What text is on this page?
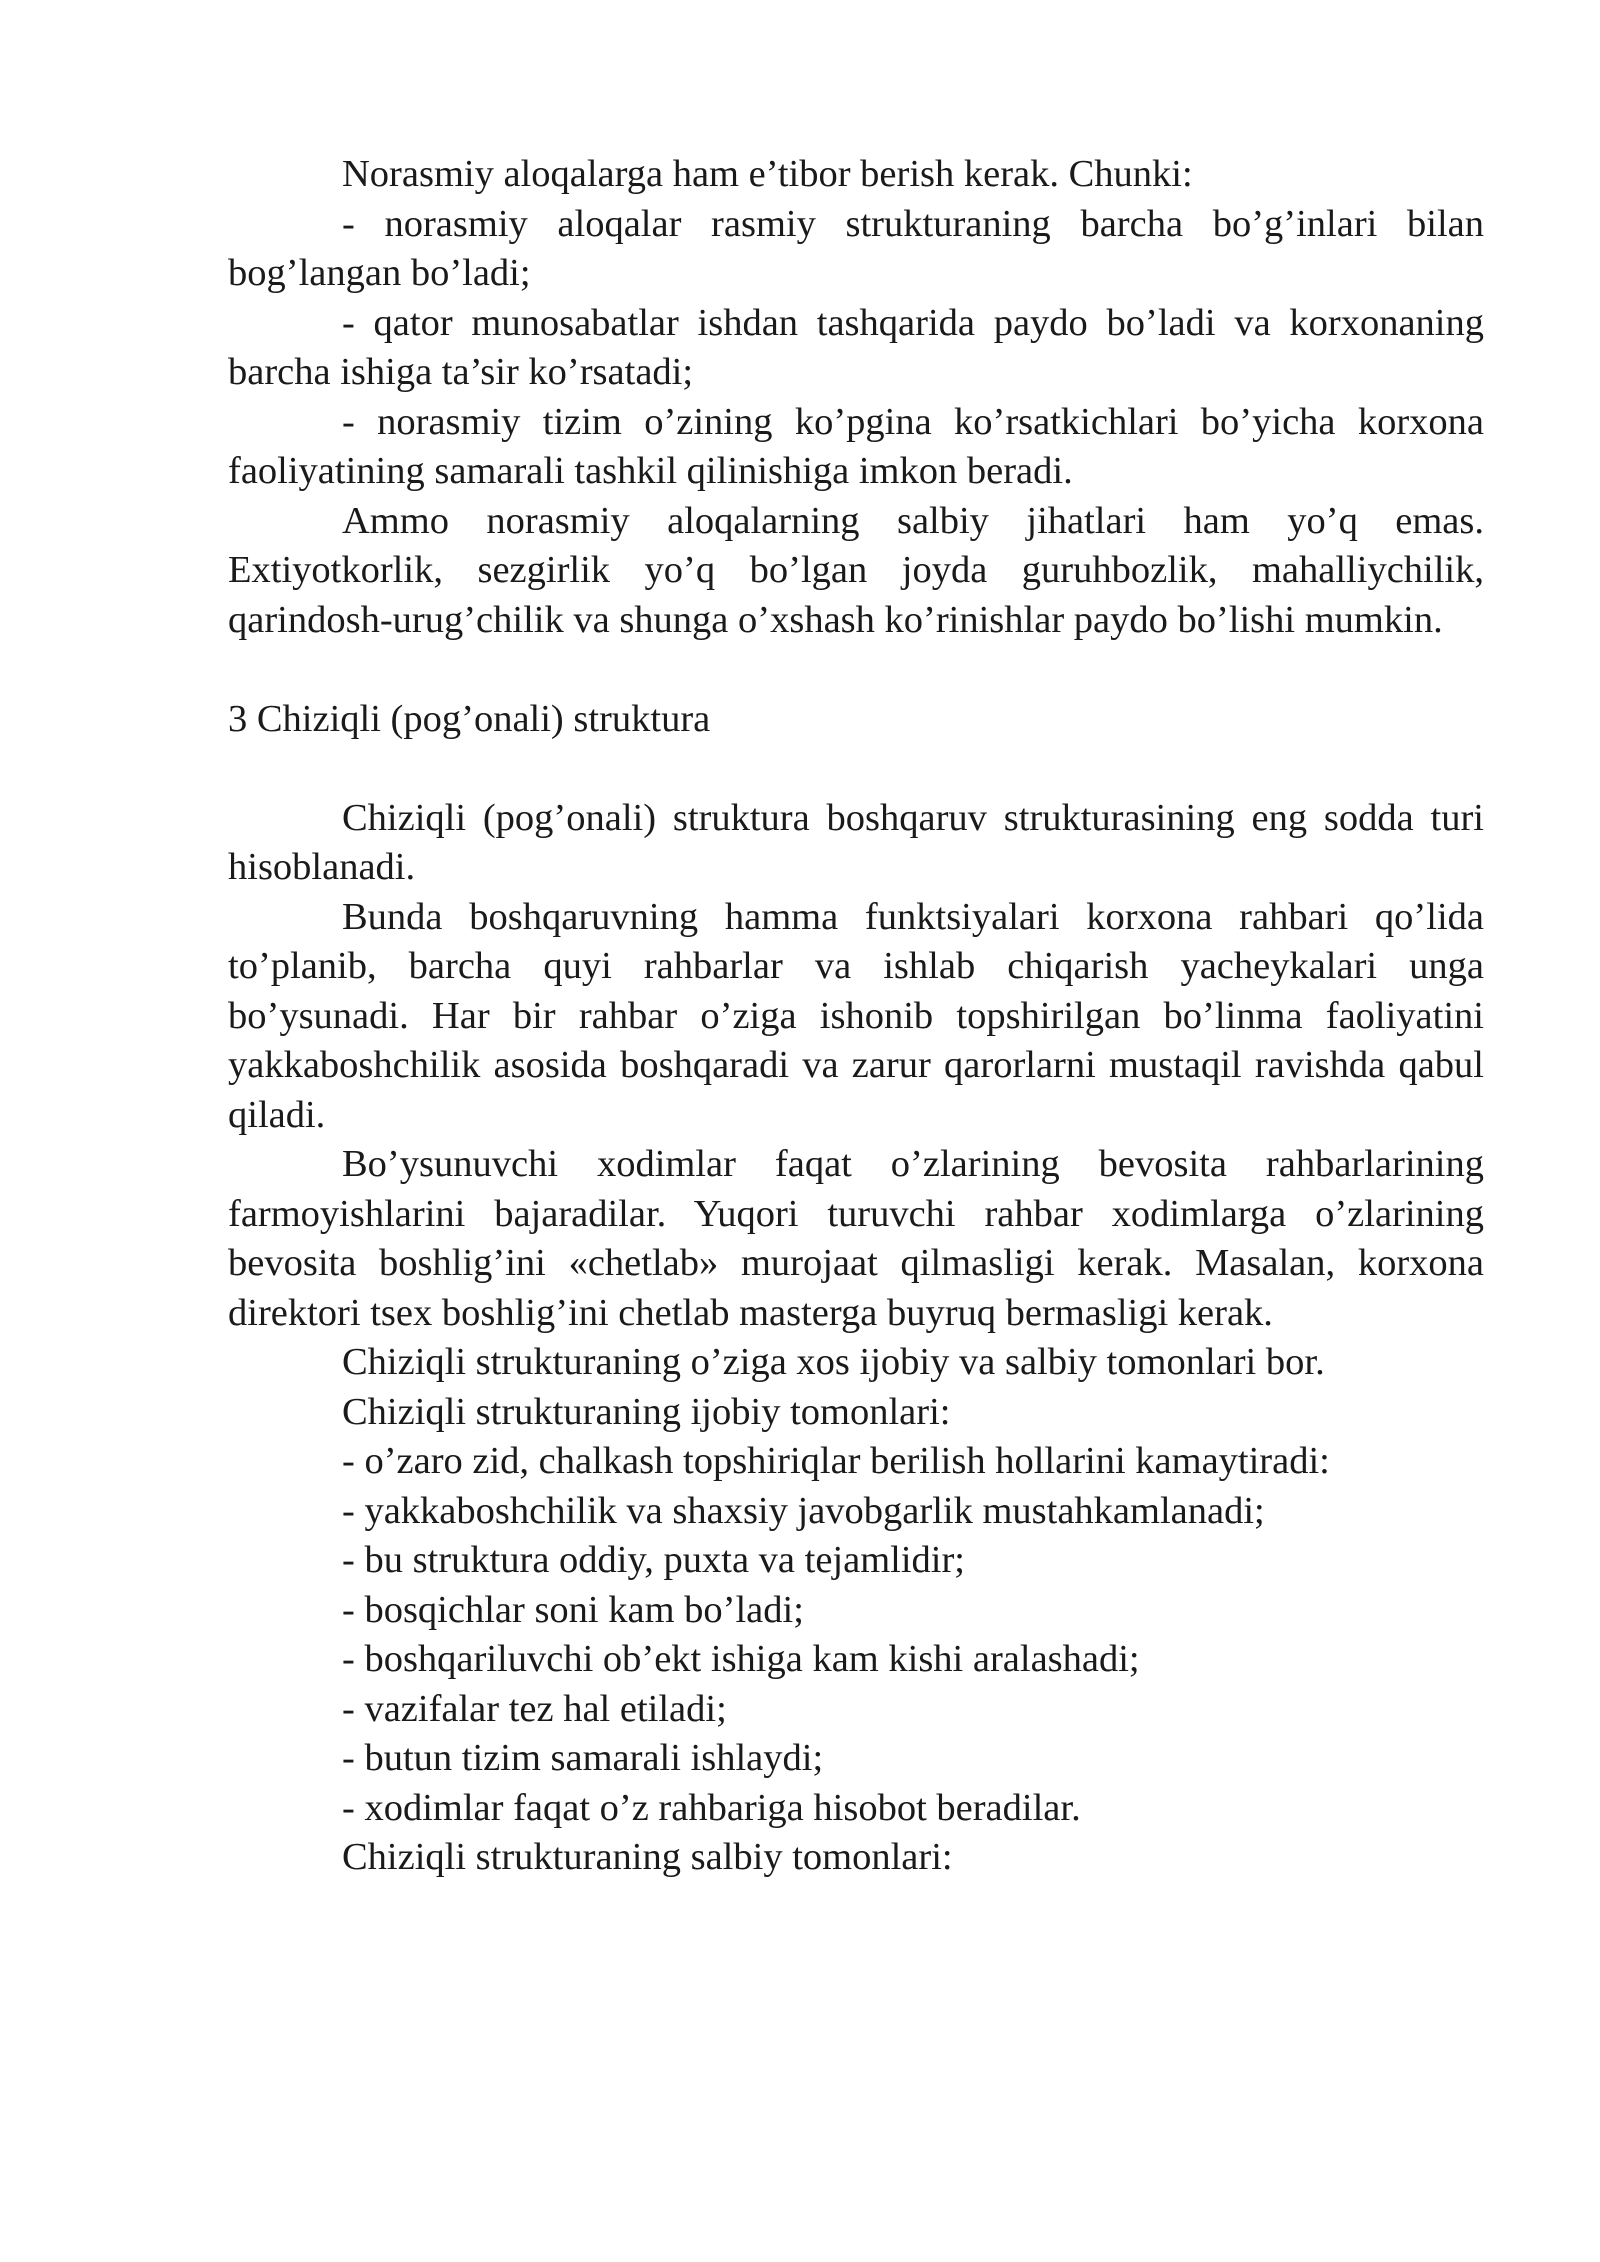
Norasmiy aloqalarga ham e’tibor berish kerak. Chunki:

- norasmiy aloqalar rasmiy strukturaning barcha bo’g’inlari bilan bog’langan bo’ladi;

- qator munosabatlar ishdan tashqarida paydo bo’ladi va korxonaning barcha ishiga ta’sir ko’rsatadi;

- norasmiy tizim o’zining ko’pgina ko’rsatkichlari bo’yicha korxona faoliyatining samarali tashkil qilinishiga imkon beradi.

Ammo norasmiy aloqalarning salbiy jihatlari ham yo’q emas. Extiyotkorlik, sezgirlik yo’q bo’lgan joyda guruhbozlik, mahalliychilik, qarindosh-urug’chilik va shunga o’xshash ko’rinishlar paydo bo’lishi mumkin.

3 Chiziqli (pog’onali) struktura

Chiziqli (pog’onali) struktura boshqaruv strukturasining eng sodda turi hisoblanadi.

Bunda boshqaruvning hamma funktsiyalari korxona rahbari qo’lida to’planib, barcha quyi rahbarlar va ishlab chiqarish yacheykalari unga bo’ysunadi. Har bir rahbar o’ziga ishonib topshirilgan bo’linma faoliyatini yakkaboshchilik asosida boshqaradi va zarur qarorlarni mustaqil ravishda qabul qiladi.

Bo’ysunuvchi xodimlar faqat o’zlarining bevosita rahbarlarining farmoyishlarini bajaradilar. Yuqori turuvchi rahbar xodimlarga o’zlarining bevosita boshlig’ini «chetlab» murojaat qilmasligi kerak. Masalan, korxona direktori tsex boshlig’ini chetlab masterga buyruq bermasligi kerak.

Chiziqli strukturaning o’ziga xos ijobiy va salbiy tomonlari bor.

Chiziqli strukturaning ijobiy tomonlari:

- o’zaro zid, chalkash topshiriqlar berilish hollarini kamaytiradi:

- yakkaboshchilik va shaxsiy javobgarlik mustahkamlanadi;

- bu struktura oddiy, puxta va tejamlidir;

- bosqichlar soni kam bo’ladi;

- boshqariluvchi ob’ekt ishiga kam kishi aralashadi;

- vazifalar tez hal etiladi;

- butun tizim samarali ishlaydi;

- xodimlar faqat o’z rahbariga hisobot beradilar.

Chiziqli strukturaning salbiy tomonlari:
